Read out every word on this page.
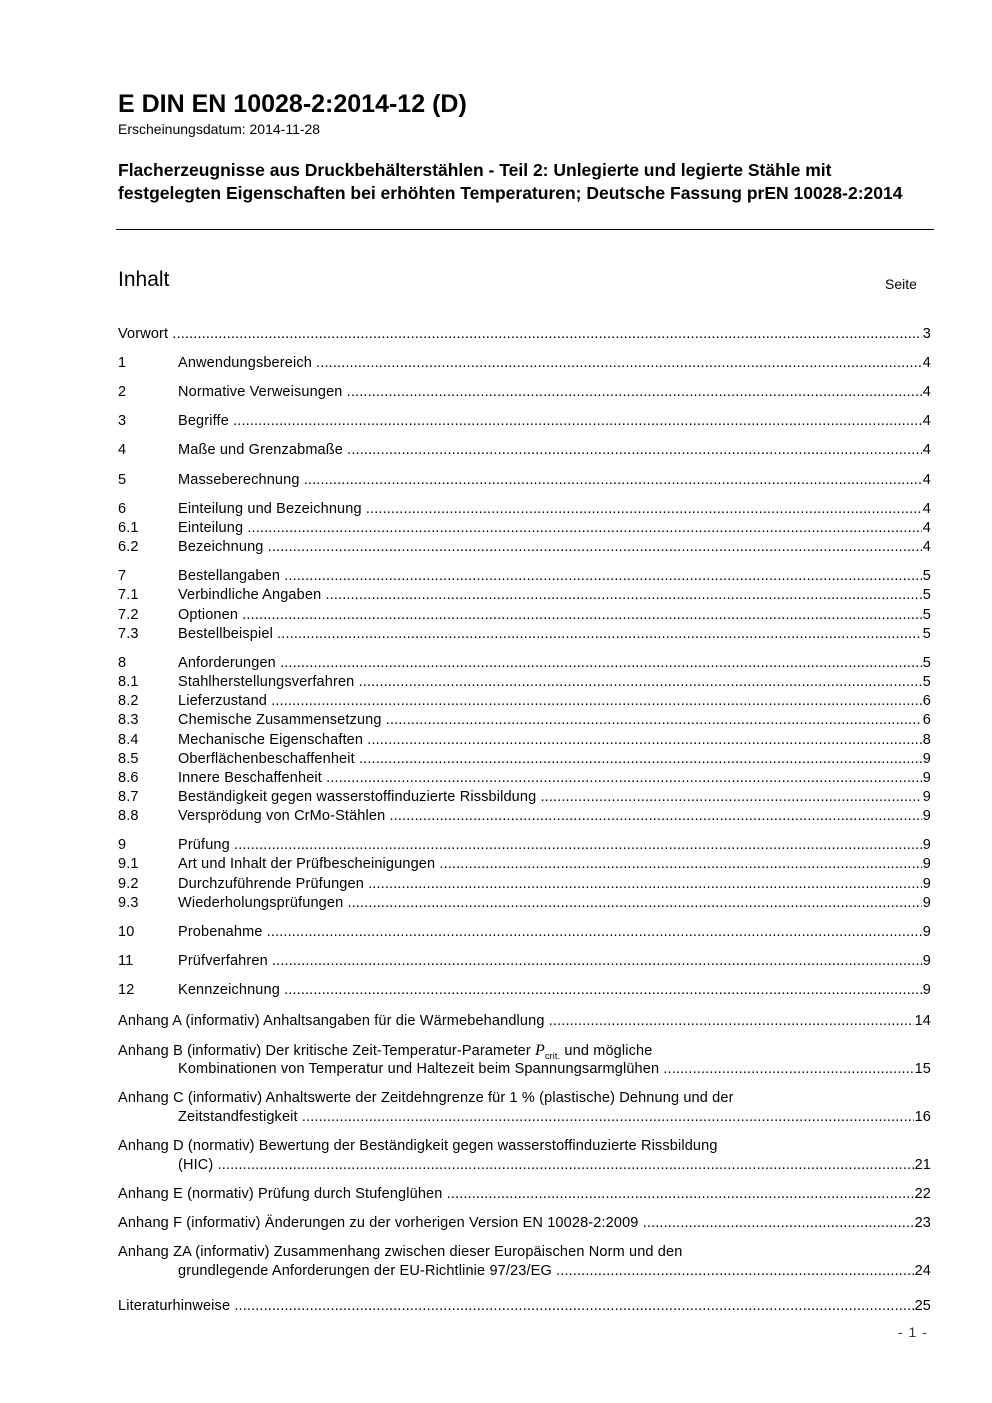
E DIN EN 10028-2:2014-12 (D)
Erscheinungsdatum: 2014-11-28
Flacherzeugnisse aus Druckbehälterstählen - Teil 2: Unlegierte und legierte Stähle mit festgelegten Eigenschaften bei erhöhten Temperaturen; Deutsche Fassung prEN 10028-2:2014
Inhalt	Seite
Anhang A (informativ) Anhaltsangaben für die Wärmebehandlung .....	14
Anhang B (informativ) Der kritische Zeit-Temperatur-Parameter $P_{crit.}$ und mögliche
Kombinationen von Temperatur und Haltezeit beim Spannungsarmglühen .....	15
Anhang C (informativ) Anhaltswerte der Zeitdehngrenze für 1 % (plastische) Dehnung und der
Zeitstandfestigkeit .....	16
Anhang D (normativ) Bewertung der Beständigkeit gegen wasserstoffinduzierte Rissbildung
(HIC) .....	21
Anhang E (normativ) Prüfung durch Stufenglühen .....	22
Anhang F (informativ) Änderungen zu der vorherigen Version EN 10028-2:2009 .....	23
Anhang ZA (informativ) Zusammenhang zwischen dieser Europäischen Norm und den
grundlegende Anforderungen der EU-Richtlinie 97/23/EG .....	24
Literaturhinweise .....	25
Vorwort .....	3
1	Anwendungsbereich .....	4
2	Normative Verweisungen .....	4
3	Begriffe .....	4
4	Maße und Grenzabmaße .....	4
5	Masseberechnung .....	4
6	Einteilung und Bezeichnung .....	4
6.1	Einteilung .....	4
6.2	Bezeichnung .....	4
7	Bestellangaben .....	5
7.1	Verbindliche Angaben .....	5
7.2	Optionen .....	5
7.3	Bestellbeispiel .....	5
8	Anforderungen .....	5
8.1	Stahlherstellungsverfahren .....	5
8.2	Lieferzustand .....	6
8.3	Chemische Zusammensetzung .....	6
8.4	Mechanische Eigenschaften .....	8
8.5	Oberflächenbeschaffenheit .....	9
8.6	Innere Beschaffenheit .....	9
8.7	Beständigkeit gegen wasserstoffinduzierte Rissbildung .....	9
8.8	Versprödung von CrMo-Stählen .....	9
9	Prüfung .....	9
9.1	Art und Inhalt der Prüfbescheinigungen .....	9
9.2	Durchzuführende Prüfungen .....	9
9.3	Wiederholungsprüfungen .....	9
10	Probenahme .....	9
11	Prüfverfahren .....	9
12	Kennzeichnung .....	9
- 1 -
